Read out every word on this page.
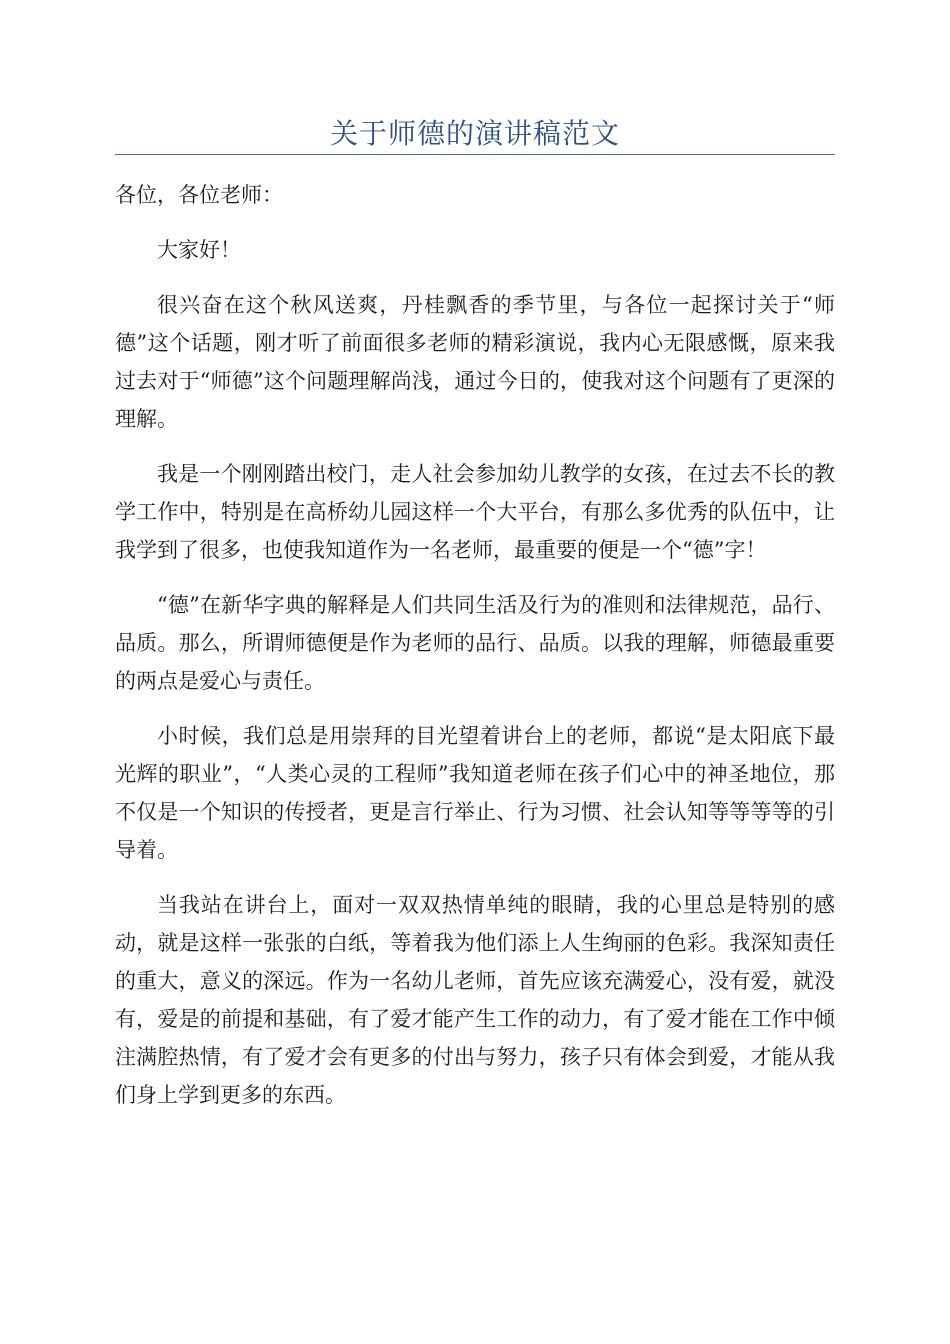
关于师德的演讲稿范文

各位，各位老师：

大家好！

很兴奋在这个秋风送爽，丹桂飘香的季节里，与各位一起探讨关于“师德”这个话题，刚才听了前面很多老师的精彩演说，我内心无限感慨，原来我过去对于“师德”这个问题理解尚浅，通过今日的，使我对这个问题有了更深的理解。

我是一个刚刚踏出校门，走人社会参加幼儿教学的女孩，在过去不长的教学工作中，特别是在高桥幼儿园这样一个大平台，有那么多优秀的队伍中，让我学到了很多，也使我知道作为一名老师，最重要的便是一个“德”字！

“德”在新华字典的解释是人们共同生活及行为的准则和法律规范，品行、品质。那么，所谓师德便是作为老师的品行、品质。以我的理解，师德最重要的两点是爱心与责任。

小时候，我们总是用崇拜的目光望着讲台上的老师，都说“是太阳底下最光辉的职业”，“人类心灵的工程师”我知道老师在孩子们心中的神圣地位，那不仅是一个知识的传授者，更是言行举止、行为习惯、社会认知等等等等的引导着。

当我站在讲台上，面对一双双热情单纯的眼睛，我的心里总是特别的感动，就是这样一张张的白纸，等着我为他们添上人生绚丽的色彩。我深知责任的重大，意义的深远。作为一名幼儿老师，首先应该充满爱心，没有爱，就没有，爱是的前提和基础，有了爱才能产生工作的动力，有了爱才能在工作中倾注满腔热情，有了爱才会有更多的付出与努力，孩子只有体会到爱，才能从我们身上学到更多的东西。
